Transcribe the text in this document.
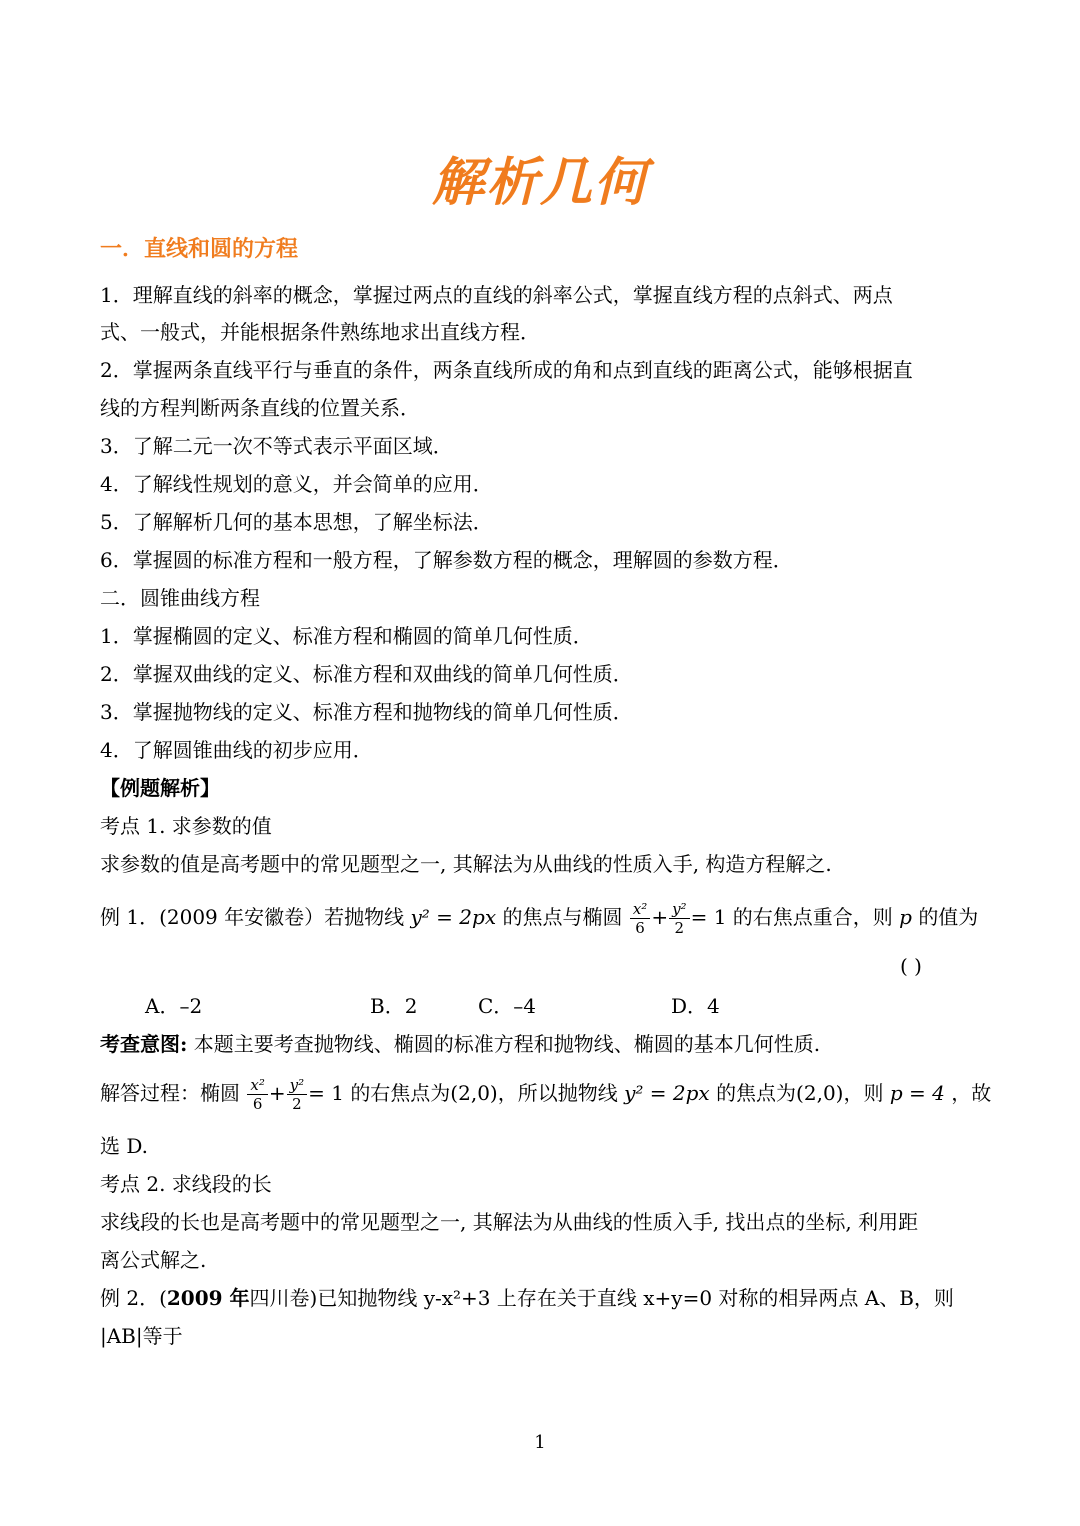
解析几何
一．直线和圆的方程
1．理解直线的斜率的概念，掌握过两点的直线的斜率公式，掌握直线方程的点斜式、两点
式、一般式，并能根据条件熟练地求出直线方程．
2．掌握两条直线平行与垂直的条件，两条直线所成的角和点到直线的距离公式，能够根据直
线的方程判断两条直线的位置关系．
3．了解二元一次不等式表示平面区域．
4．了解线性规划的意义，并会简单的应用．
5．了解解析几何的基本思想，了解坐标法．
6．掌握圆的标准方程和一般方程，了解参数方程的概念，理解圆的参数方程．
二．圆锥曲线方程
1．掌握椭圆的定义、标准方程和椭圆的简单几何性质．
2．掌握双曲线的定义、标准方程和双曲线的简单几何性质．
3．掌握抛物线的定义、标准方程和抛物线的简单几何性质．
4．了解圆锥曲线的初步应用．
【例题解析】
考点 1. 求参数的值
求参数的值是高考题中的常见题型之一, 其解法为从曲线的性质入手, 构造方程解之.
例 1．(2009 年安徽卷）若抛物线 y² = 2px 的焦点与椭圆 $\frac{\text{x²}}{6} + \frac{\text{y²}}{2} = 1$ 的右焦点重合，则 p 的值为
( )
A．–2	B．2	C．–4	D．4
考查意图: 本题主要考查抛物线、椭圆的标准方程和抛物线、椭圆的基本几何性质.
解答过程：椭圆 $\frac{\text{x²}}{6} + \frac{\text{y²}}{2} = 1$ 的右焦点为(2,0)，所以抛物线 y² = 2px 的焦点为(2,0)，则 p = 4 ，故
选 D.
考点 2. 求线段的长
求线段的长也是高考题中的常见题型之一, 其解法为从曲线的性质入手, 找出点的坐标, 利用距
离公式解之.
例 2．(2009 年四川卷)已知抛物线 y-x²+3 上存在关于直线 x+y=0 对称的相异两点 A、B，则
|AB|等于
1
